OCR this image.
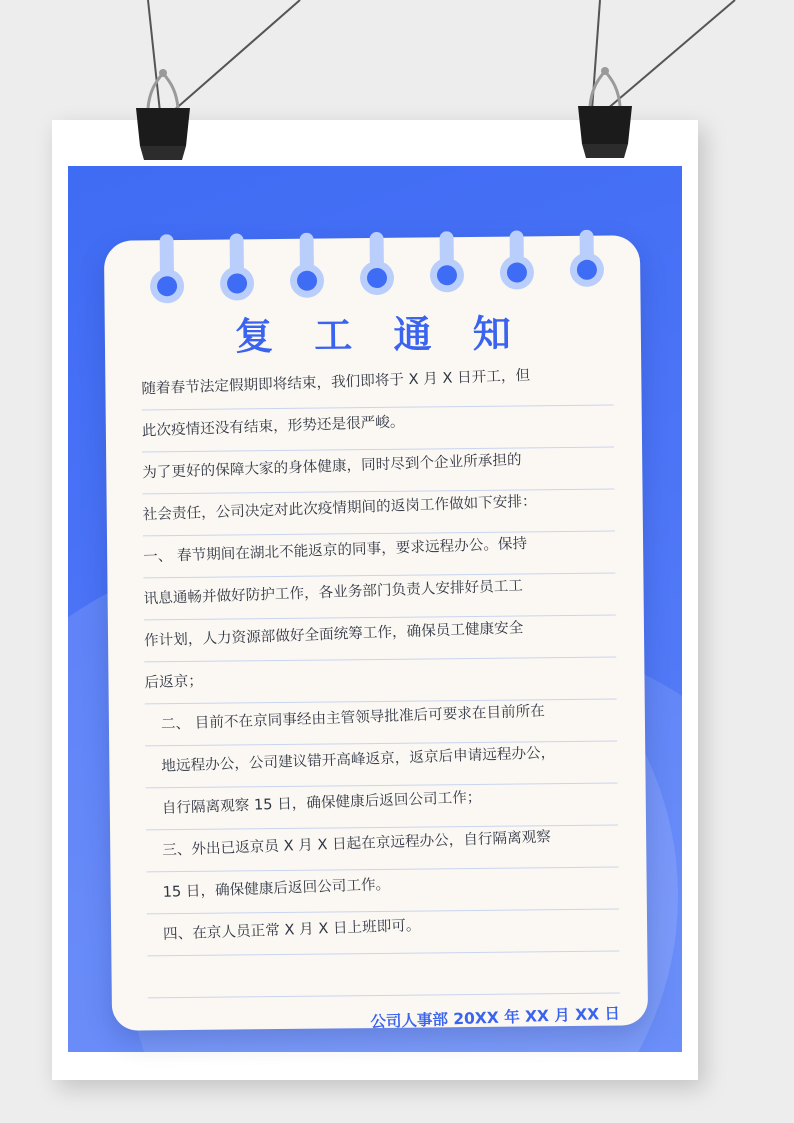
复 工 通 知
随着春节法定假期即将结束，我们即将于 X 月 X 日开工，但
此次疫情还没有结束，形势还是很严峻。
为了更好的保障大家的身体健康，同时尽到个企业所承担的
社会责任，公司决定对此次疫情期间的返岗工作做如下安排：
一、 春节期间在湖北不能返京的同事，要求远程办公。保持
讯息通畅并做好防护工作，各业务部门负责人安排好员工工
作计划，人力资源部做好全面统筹工作，确保员工健康安全
后返京；
二、 目前不在京同事经由主管领导批准后可要求在目前所在
地远程办公，公司建议错开高峰返京，返京后申请远程办公，
自行隔离观察 15 日，确保健康后返回公司工作；
三、外出已返京员 X 月 X 日起在京远程办公，自行隔离观察
15 日，确保健康后返回公司工作。
四、在京人员正常 X 月 X 日上班即可。
公司人事部 20XX 年 XX 月 XX 日
